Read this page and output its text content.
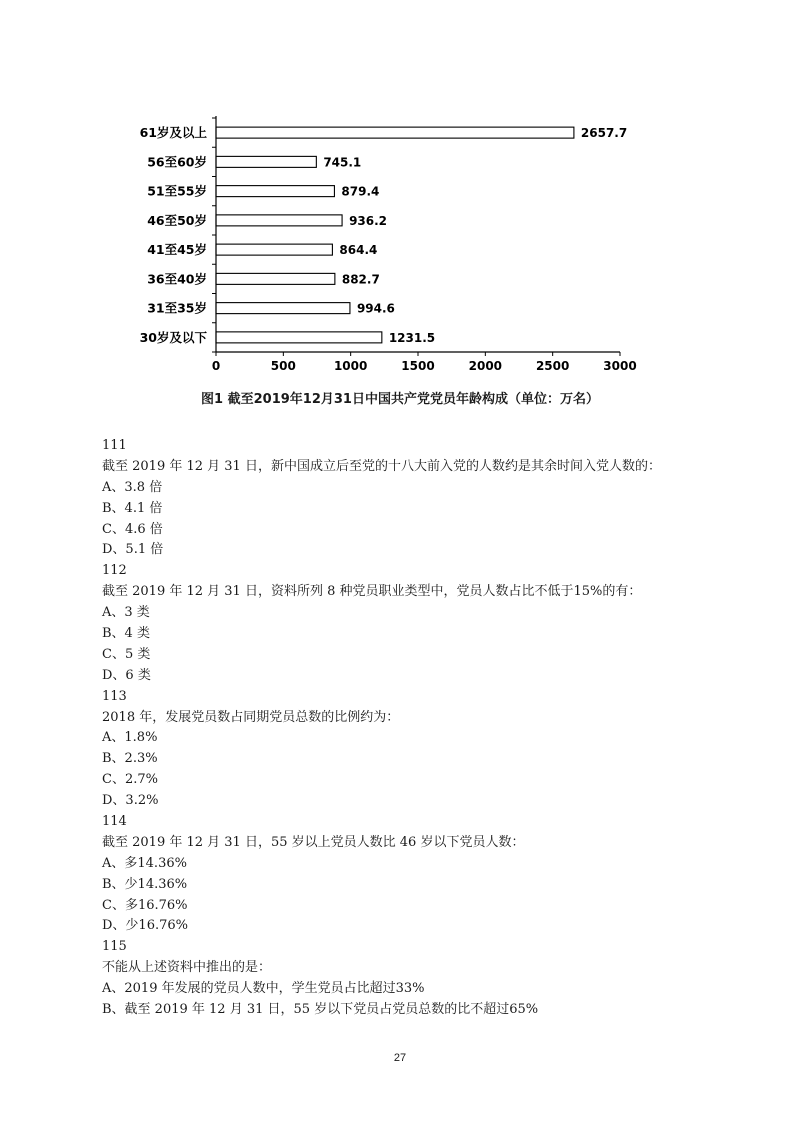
61岁及以上	2657.7
56至60岁	745.1
51至55岁	879.4
46至50岁	936.2
41至45岁	864.4
36至40岁	882.7
31至35岁	994.6
30岁及以下	1231.5
0	500	1000	1500	2000	2500	3000
图1 截至2019年12月31日中国共产党党员年龄构成（单位：万名）
111
截至 2019 年 12 月 31 日，新中国成立后至党的十八大前入党的人数约是其余时间入党人数的：
A、3.8 倍
B、4.1 倍
C、4.6 倍
D、5.1 倍
112
截至 2019 年 12 月 31 日，资料所列 8 种党员职业类型中，党员人数占比不低于15%的有：
A、3 类
B、4 类
C、5 类
D、6 类
113
2018 年，发展党员数占同期党员总数的比例约为：
A、1.8%
B、2.3%
C、2.7%
D、3.2%
114
截至 2019 年 12 月 31 日，55 岁以上党员人数比 46 岁以下党员人数：
A、多14.36%
B、少14.36%
C、多16.76%
D、少16.76%
115
不能从上述资料中推出的是：
A、2019 年发展的党员人数中，学生党员占比超过33%
B、截至 2019 年 12 月 31 日，55 岁以下党员占党员总数的比不超过65%
27
